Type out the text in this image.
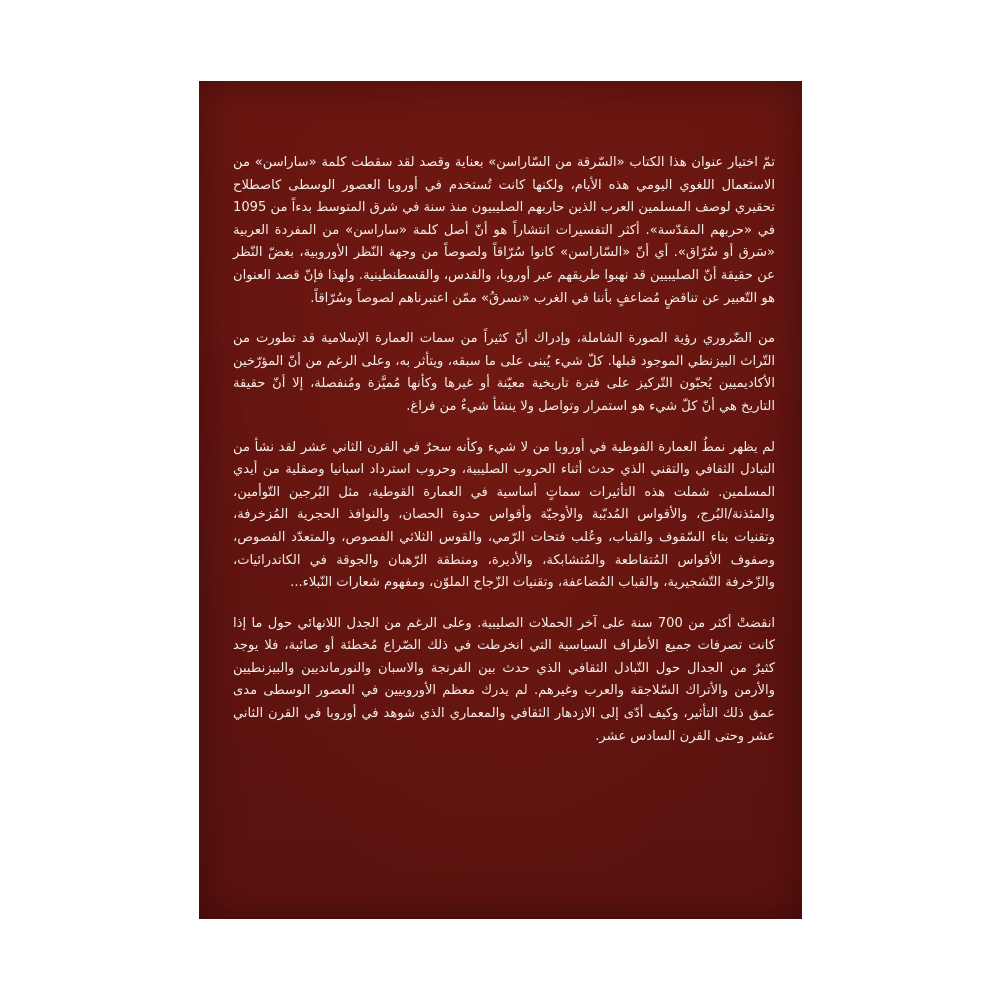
تمّ اختيار عنوان هذا الكتاب «السّرقة من السّاراسن» بعناية وقصد لقد سقطت كلمة «ساراسن» من الاستعمال اللغوي اليومي هذه الأيام، ولكنها كانت تُستخدم في أوروبا العصور الوسطى كاصطلاح تحقيري لوصف المسلمين العرب الذين حاربهم الصليبيون منذ سنة في شرق المتوسط بدءاً من 1095 في «حربهم المقدّسة». أكثر التفسيرات انتشاراً هو أنّ أصل كلمة «ساراسن» من المفردة العربية «سَرق أو سُرّاق». أي أنّ «السّاراسن» كانوا سُرّاقاً ولصوصاً من وجهة النّظر الأوروبية، بغضّ النّظر عن حقيقة أنّ الصليبيين قد نهبوا طريقهم عبر أوروبا، والقدس، والقسطنطينية. ولهذا فإنّ قصد العنوان هو التّعبير عن تناقضٍ مُضاعفٍ بأننا في الغرب «نسرقُ» ممّن اعتبرناهم لصوصاً وسُرّاقاً.

من الضّروري رؤية الصورة الشاملة، وإدراك أنّ كثيراً من سمات العمارة الإسلامية قد تطورت من التّراث البيزنطي الموجود قبلها. كلّ شيء يُبنى على ما سبقه، ويتأثر به، وعلى الرغم من أنّ المؤرّخين الأكاديميين يُحبّون التّركيز على فترة تاريخية معيّنة أو غيرها وكأنها مُميَّزة ومُنفصلة، إلا أنّ حقيقة التاريخ هي أنّ كلّ شيء هو استمرار وتواصل ولا ينشأ شيءٌ من فراغ.

لم يظهر نمطُ العمارة القوطية في أوروبا من لا شيء وكأنه سحرٌ في القرن الثاني عشر لقد نشأ من التبادل الثقافي والتقني الذي حدث أثناء الحروب الصليبية، وحروب استرداد اسبانيا وصقلية من أيدي المسلمين. شملت هذه التأثيرات سماتٍ أساسية في العمارة القوطية، مثل البُرجين التّوأمين، والمئذنة/البُرج، والأقواس المُدبّبة والأوجيّة وأقواس حدوة الحصان، والنوافذ الحجرية المُزخرفة، وتقنيات بناء السّقوف والقباب، وعُلب فتحات الرّمي، والقوس الثلاثي الفصوص، والمتعدّد الفصوص، وصفوف الأقواس المُتقاطعة والمُتشابكة، والأديرة، ومنطقة الرّهبان والجوقة في الكاتدرائيات، والزّخرفة التّشجيرية، والقباب المُضاعفة، وتقنيات الزّجاج الملوّن، ومفهوم شعارات النّبلاء...

انقضتْ أكثر من 700 سنة على آخر الحملات الصليبية. وعلى الرغم من الجدل اللانهائي حول ما إذا كانت تصرفات جميع الأطراف السياسية التي انخرطت في ذلك الصّراع مُخطئة أو صائبة، فلا يوجد كثيرٌ من الجدال حول التّبادل الثقافي الذي حدث بين الفرنجة والاسبان والنورمانديين والبيزنطيين والأرمن والأتراك السّلاجقة والعرب وغيرهم. لم يدرك معظم الأوروبيين في العصور الوسطى مدى عمق ذلك التأثير، وكيف أدّى إلى الازدهار الثقافي والمعماري الذي شوهد في أوروبا في القرن الثاني عشر وحتى القرن السادس عشر.
